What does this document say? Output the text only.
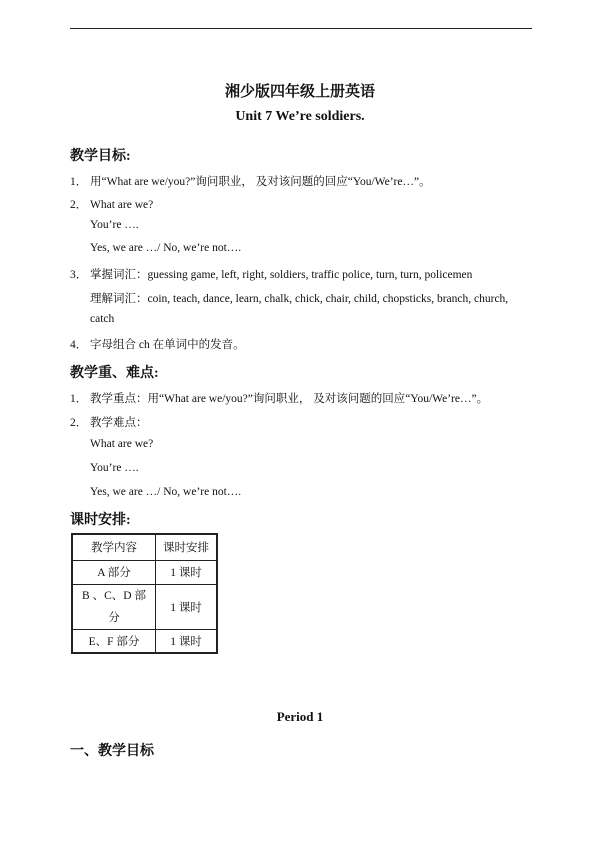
湘少版四年级上册英语
Unit 7 We’re soldiers.
教学目标:
1． 用“What are we/you?”询问职业， 及对该问题的回应“You/We’re…”。
2． What are we?
You’re ….
Yes, we are …/ No, we’re not….
3． 掌握词汇：guessing game, left, right, soldiers, traffic police, turn, turn, policemen
理解词汇：coin, teach, dance, learn, chalk, chick, chair, child, chopsticks, branch, church,
catch
4． 字母组合 ch 在单词中的发音。
教学重、难点:
1． 教学重点：用“What are we/you?”询问职业， 及对该问题的回应“You/We’re…”。
2． 教学难点：
What are we?
You’re ….
Yes, we are …/ No, we’re not….
课时安排:
教学内容	课时安排
A 部分	1 课时

B 、C、D 部
分	1 课时
E、F 部分	1 课时
Period 1
一、教学目标
